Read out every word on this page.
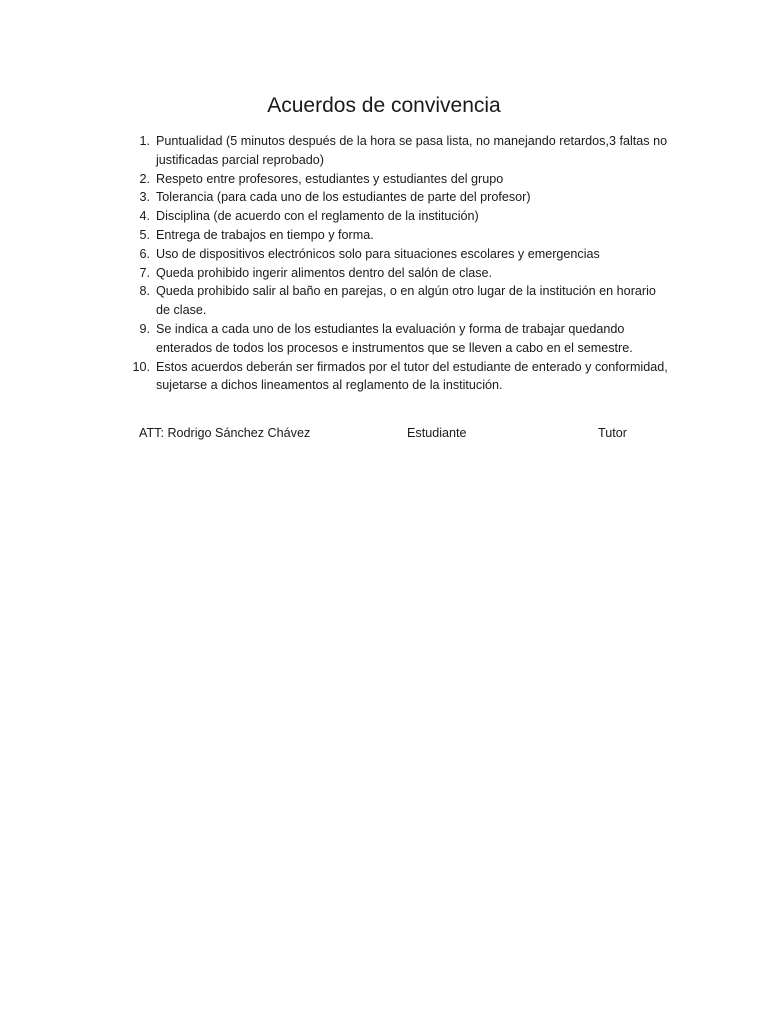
Acuerdos de convivencia
1. Puntualidad (5 minutos después de la hora se pasa lista, no manejando retardos,3 faltas no justificadas parcial reprobado)
2. Respeto entre profesores, estudiantes y estudiantes del grupo
3. Tolerancia (para cada uno de los estudiantes de parte del profesor)
4. Disciplina (de acuerdo con el reglamento de la institución)
5. Entrega de trabajos en tiempo y forma.
6. Uso de dispositivos electrónicos solo para situaciones escolares y emergencias
7. Queda prohibido ingerir alimentos dentro del salón de clase.
8. Queda prohibido salir al baño en parejas, o en algún otro lugar de la institución en horario de clase.
9. Se indica a cada uno de los estudiantes la evaluación y forma de trabajar quedando enterados de todos los procesos e instrumentos que se lleven a cabo en el semestre.
10. Estos acuerdos deberán ser firmados por el tutor del estudiante de enterado y conformidad, sujetarse a dichos lineamentos al reglamento de la institución.
ATT: Rodrigo Sánchez Chávez	Estudiante	Tutor
